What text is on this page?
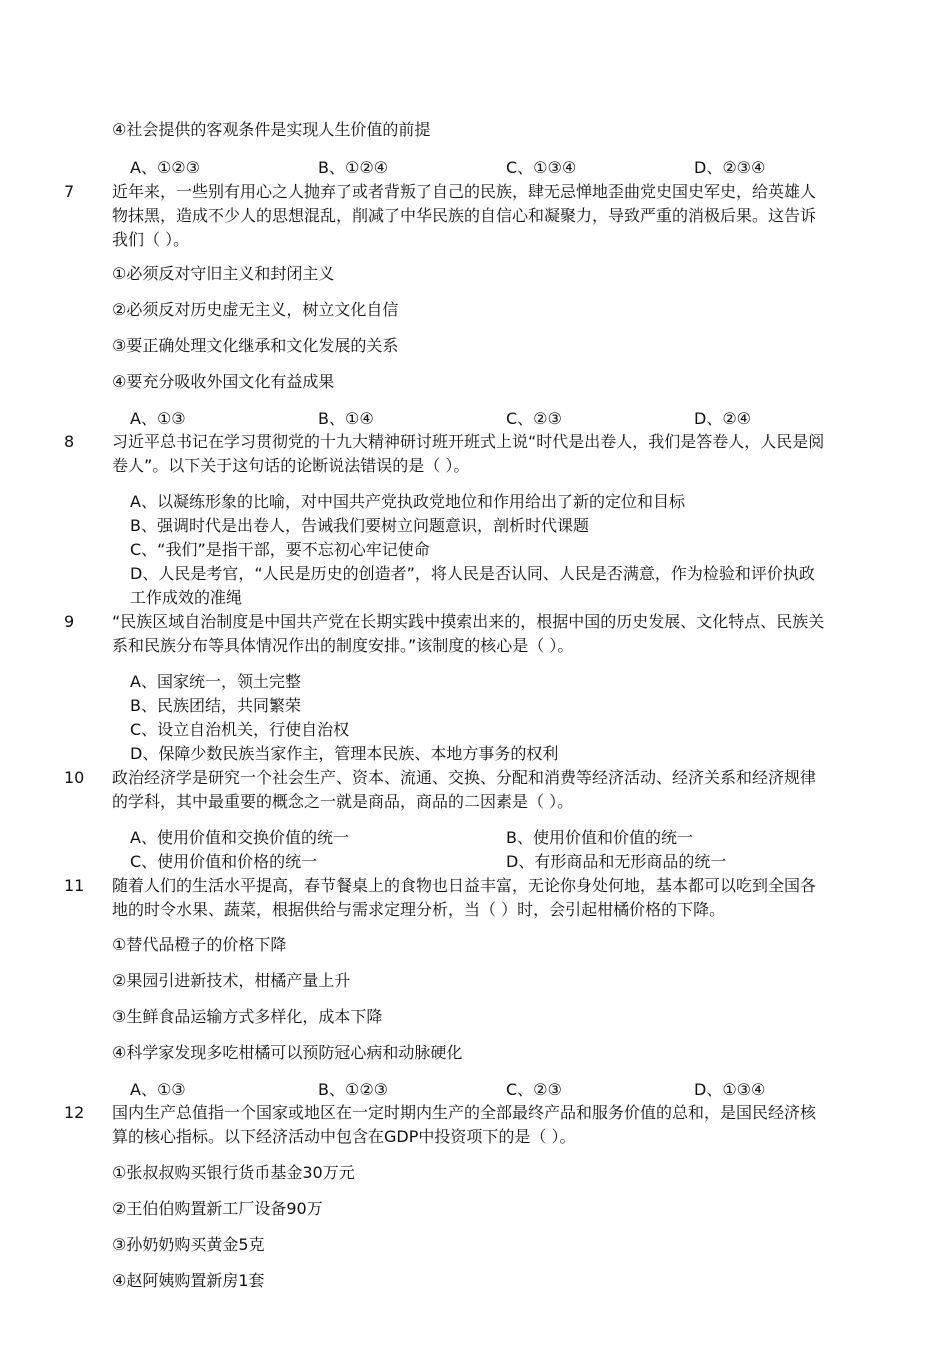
④社会提供的客观条件是实现人生价值的前提
A、①②③	B、①②④	C、①③④	D、②③④
7 近年来，一些别有用心之人抛弃了或者背叛了自己的民族，肆无忌惮地歪曲党史国史军史，给英雄人
物抹黑，造成不少人的思想混乱，削减了中华民族的自信心和凝聚力，导致严重的消极后果。这告诉
我们（ ）。
①必须反对守旧主义和封闭主义
②必须反对历史虚无主义，树立文化自信
③要正确处理文化继承和文化发展的关系
④要充分吸收外国文化有益成果
A、①③	B、①④	C、②③	D、②④
8 习近平总书记在学习贯彻党的十九大精神研讨班开班式上说“时代是出卷人，我们是答卷人，人民是阅
卷人”。以下关于这句话的论断说法错误的是（ ）。
A、以凝练形象的比喻，对中国共产党执政党地位和作用给出了新的定位和目标
B、强调时代是出卷人，告诫我们要树立问题意识，剖析时代课题
C、“我们”是指干部，要不忘初心牢记使命
D、人民是考官，“人民是历史的创造者”，将人民是否认同、人民是否满意，作为检验和评价执政
工作成效的准绳
9 “民族区域自治制度是中国共产党在长期实践中摸索出来的，根据中国的历史发展、文化特点、民族关
系和民族分布等具体情况作出的制度安排。”该制度的核心是（ ）。
A、国家统一，领土完整
B、民族团结，共同繁荣
C、设立自治机关，行使自治权
D、保障少数民族当家作主，管理本民族、本地方事务的权利
10 政治经济学是研究一个社会生产、资本、流通、交换、分配和消费等经济活动、经济关系和经济规律
的学科，其中最重要的概念之一就是商品，商品的二因素是（ ）。
A、使用价值和交换价值的统一	B、使用价值和价值的统一
C、使用价值和价格的统一	D、有形商品和无形商品的统一
11 随着人们的生活水平提高，春节餐桌上的食物也日益丰富，无论你身处何地，基本都可以吃到全国各
地的时令水果、蔬菜，根据供给与需求定理分析，当（ ）时，会引起柑橘价格的下降。
①替代品橙子的价格下降
②果园引进新技术，柑橘产量上升
③生鲜食品运输方式多样化，成本下降
④科学家发现多吃柑橘可以预防冠心病和动脉硬化
A、①③	B、①②③	C、②③	D、①③④
12 国内生产总值指一个国家或地区在一定时期内生产的全部最终产品和服务价值的总和，是国民经济核
算的核心指标。以下经济活动中包含在GDP中投资项下的是（ ）。
①张叔叔购买银行货币基金30万元
②王伯伯购置新工厂设备90万
③孙奶奶购买黄金5克
④赵阿姨购置新房1套
